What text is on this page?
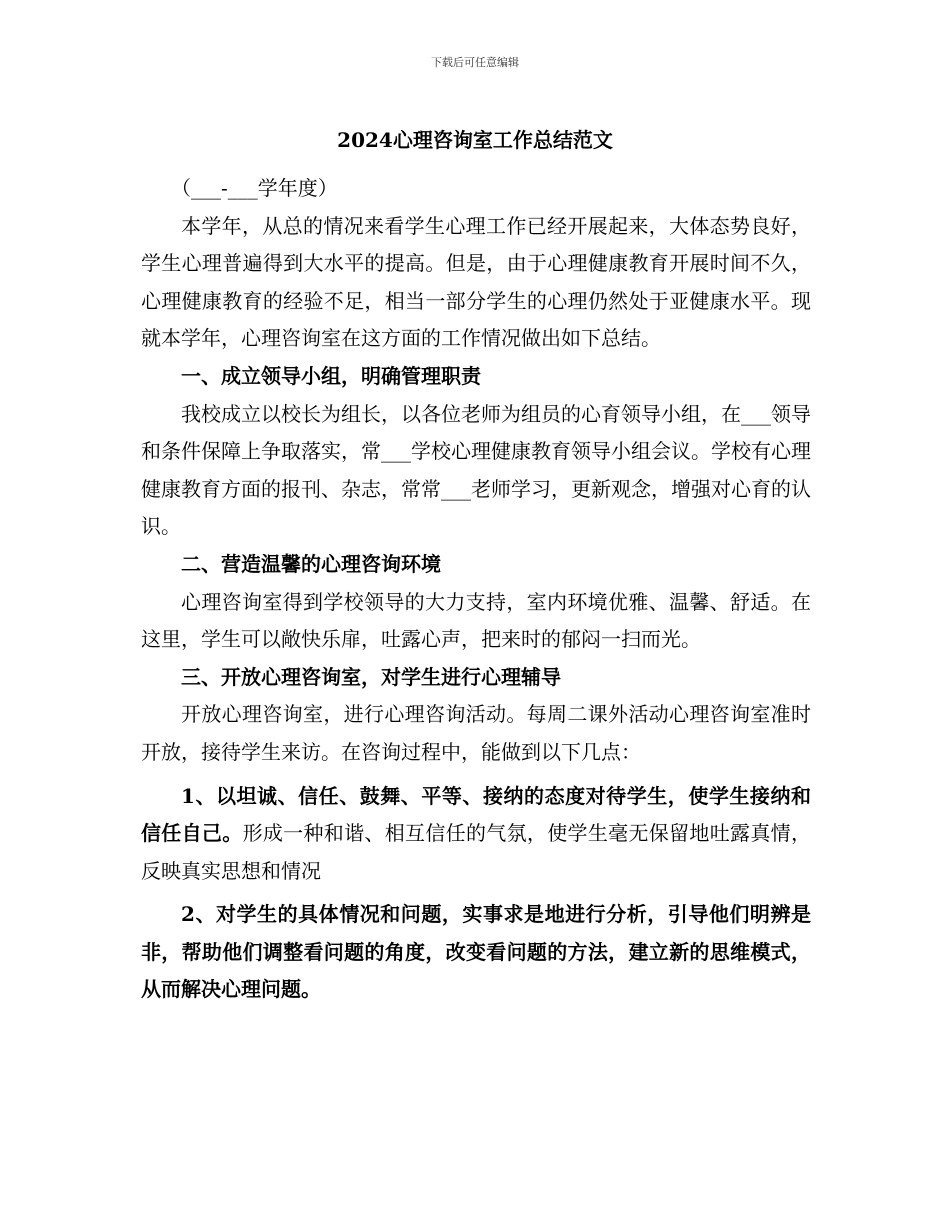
下载后可任意编辑
2024心理咨询室工作总结范文

（___-___学年度）

本学年，从总的情况来看学生心理工作已经开展起来，大体态势良好，学生心理普遍得到大水平的提高。但是，由于心理健康教育开展时间不久，心理健康教育的经验不足，相当一部分学生的心理仍然处于亚健康水平。现就本学年，心理咨询室在这方面的工作情况做出如下总结。

一、成立领导小组，明确管理职责

我校成立以校长为组长，以各位老师为组员的心育领导小组，在___领导和条件保障上争取落实，常___学校心理健康教育领导小组会议。学校有心理健康教育方面的报刊、杂志，常常___老师学习，更新观念，增强对心育的认识。

二、营造温馨的心理咨询环境

心理咨询室得到学校领导的大力支持，室内环境优雅、温馨、舒适。在这里，学生可以敞快乐扉，吐露心声，把来时的郁闷一扫而光。

三、开放心理咨询室，对学生进行心理辅导

开放心理咨询室，进行心理咨询活动。每周二课外活动心理咨询室准时开放，接待学生来访。在咨询过程中，能做到以下几点：

1、以坦诚、信任、鼓舞、平等、接纳的态度对待学生，使学生接纳和信任自己。形成一种和谐、相互信任的气氛，使学生毫无保留地吐露真情，反映真实思想和情况

2、对学生的具体情况和问题，实事求是地进行分析，引导他们明辨是非，帮助他们调整看问题的角度，改变看问题的方法，建立新的思维模式，从而解决心理问题。
